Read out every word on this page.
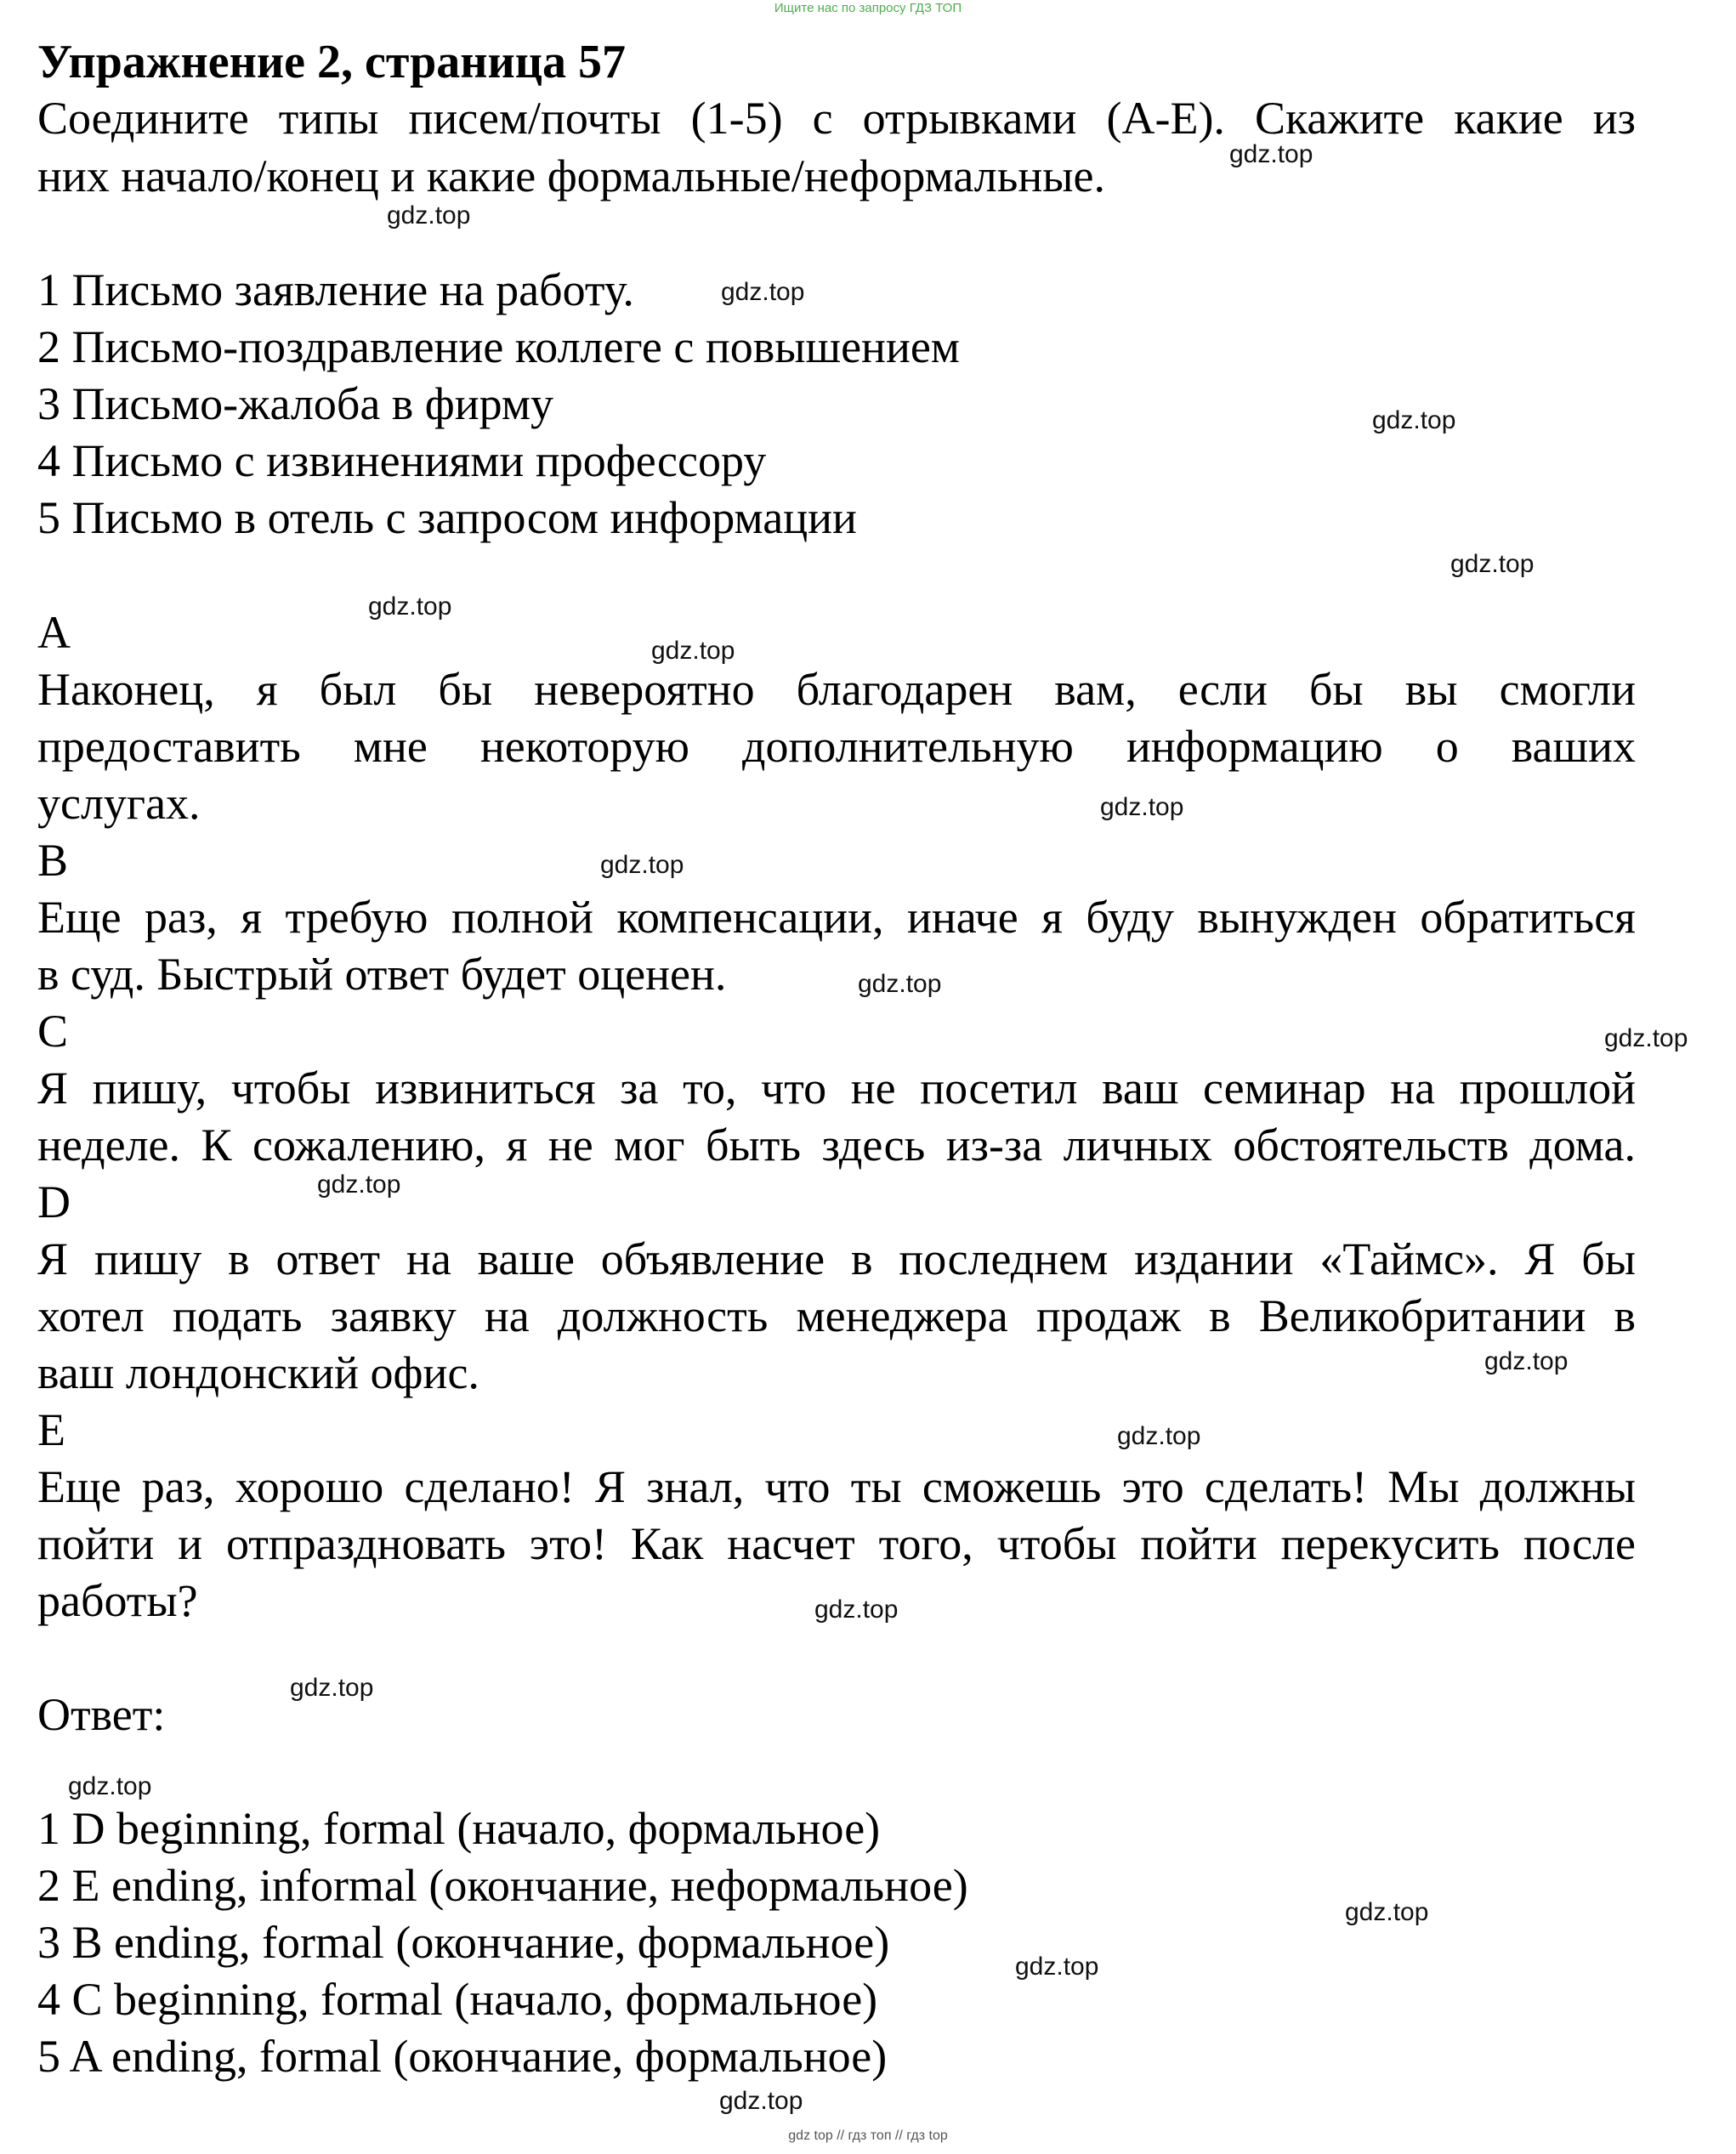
Ищите нас по запросу ГДЗ ТОП
Упражнение 2, страница 57
Соедините типы писем/почты (1-5) с отрывками (A-E). Скажите какие из
них начало/конец и какие формальные/неформальные.
1 Письмо заявление на работу.
2 Письмо-поздравление коллеге с повышением
3 Письмо-жалоба в фирму
4 Письмо с извинениями профессору
5 Письмо в отель с запросом информации
A
Наконец, я был бы невероятно благодарен вам, если бы вы смогли
предоставить мне некоторую дополнительную информацию о ваших
услугах.
B
Еще раз, я требую полной компенсации, иначе я буду вынужден обратиться
в суд. Быстрый ответ будет оценен.
C
Я пишу, чтобы извиниться за то, что не посетил ваш семинар на прошлой
неделе. К сожалению, я не мог быть здесь из-за личных обстоятельств дома.
D
Я пишу в ответ на ваше объявление в последнем издании «Таймс». Я бы
хотел подать заявку на должность менеджера продаж в Великобритании в
ваш лондонский офис.
E
Еще раз, хорошо сделано! Я знал, что ты сможешь это сделать! Мы должны
пойти и отпраздновать это! Как насчет того, чтобы пойти перекусить после
работы?
Ответ:
1 D beginning, formal (начало, формальное)
2 E ending, informal (окончание, неформальное)
3 B ending, formal (окончание, формальное)
4 C beginning, formal (начало, формальное)
5 A ending, formal (окончание, формальное)
gdz.top
gdz.top
gdz.top
gdz.top
gdz.top
gdz.top
gdz.top
gdz.top
gdz.top
gdz.top
gdz.top
gdz.top
gdz.top
gdz.top
gdz.top
gdz.top
gdz.top
gdz.top
gdz.top
gdz.top
gdz top // гдз топ // гдз top
